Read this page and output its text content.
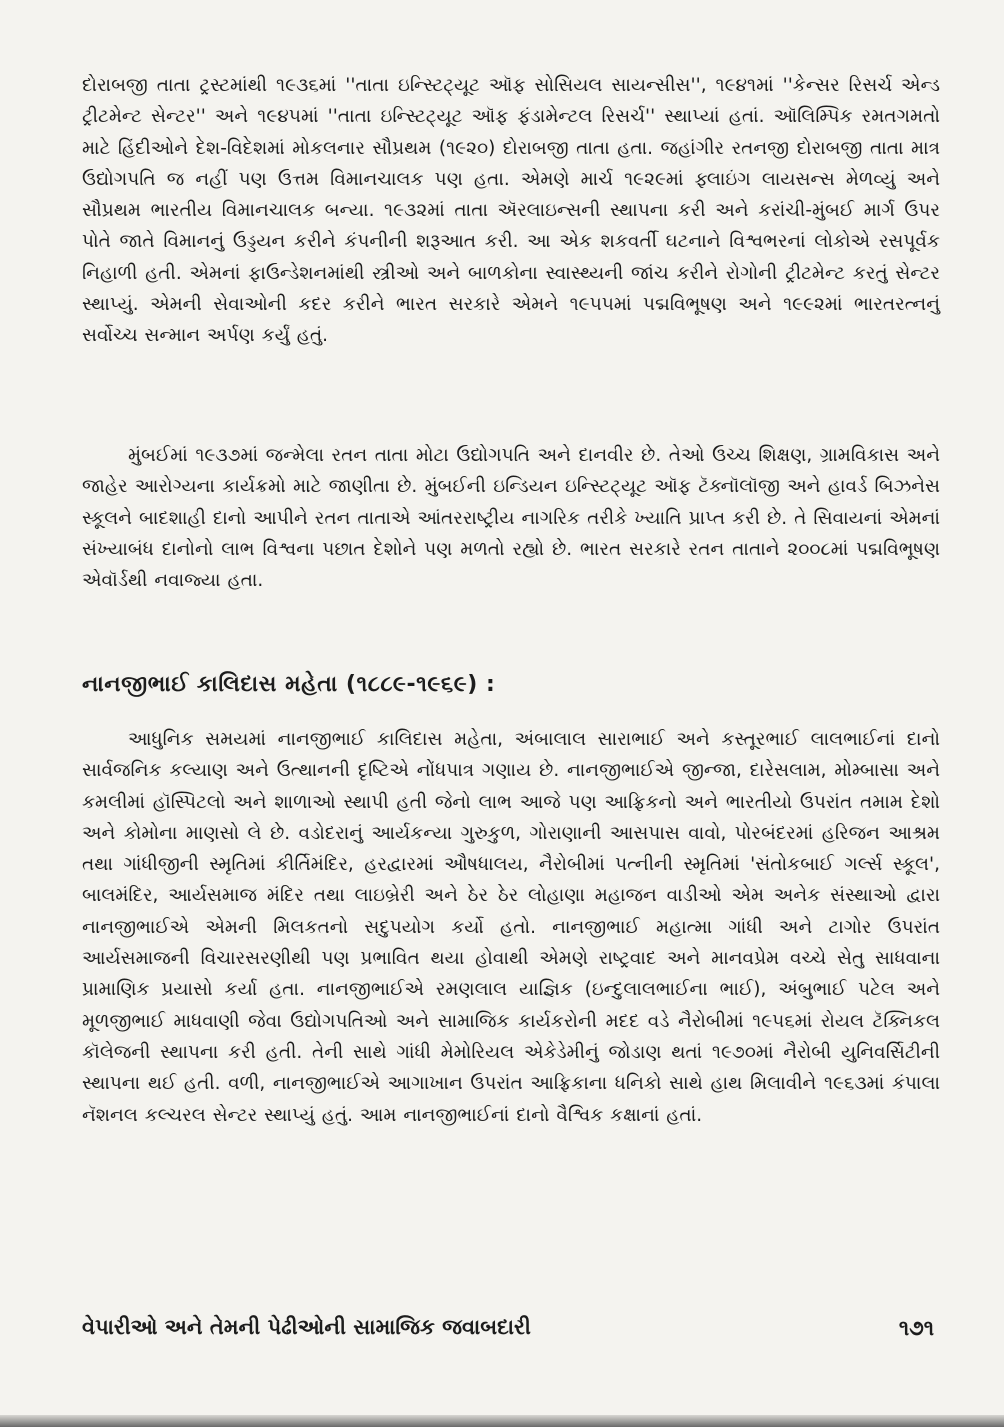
દોરાબજી તાતા ટ્રસ્ટમાંથી ૧૯૩૬માં ''તાતા ઇન્સ્ટિટ્યૂટ ઑફ સોસિયલ સાયન્સીસ'', ૧૯૪૧માં ''કેન્સર રિસર્ચ એન્ડ ટ્રીટમેન્ટ સેન્ટર'' અને ૧૯૪૫માં ''તાતા ઇન્સ્ટિટ્યૂટ ઑફ ફંડામેન્ટલ રિસર્ચ'' સ્થાપ્યાં હતાં. ઑલિમ્પિક રમતગમતો માટે હિંદીઓને દેશ-વિદેશમાં મોકલનાર સૌપ્રથમ (૧૯૨૦) દોરાબજી તાતા હતા. જહાંગીર રતનજી દોરાબજી તાતા માત્ર ઉદ્યોગપતિ જ નહીં પણ ઉત્તમ વિમાનચાલક પણ હતા. એમણે માર્ચ ૧૯૨૯માં ફ્લાઇંગ લાયસન્સ મેળવ્યું અને સૌપ્રથમ ભારતીય વિમાનચાલક બન્યા. ૧૯૩૨માં તાતા ઍરલાઇન્સની સ્થાપના કરી અને કરાંચી-મુંબઈ માર્ગ ઉપર પોતે જાતે વિમાનનું ઉડ્ડયન કરીને કંપનીની શરૂઆત કરી. આ એક શકવર્તી ઘટનાને વિશ્વભરનાં લોકોએ રસપૂર્વક નિહાળી હતી. એમનાં ફાઉન્ડેશનમાંથી સ્ત્રીઓ અને બાળકોના સ્વાસ્થ્યની જાંચ કરીને રોગોની ટ્રીટમેન્ટ કરતું સેન્ટર સ્થાપ્યું. એમની સેવાઓની કદર કરીને ભારત સરકારે એમને ૧૯૫૫માં પદ્મવિભૂષણ અને ૧૯૯૨માં ભારતરત્નનું સર્વોચ્ચ સન્માન અર્પણ કર્યું હતું.

મુંબઈમાં ૧૯૩૭માં જન્મેલા રતન તાતા મોટા ઉદ્યોગપતિ અને દાનવીર છે. તેઓ ઉચ્ચ શિક્ષણ, ગ્રામવિકાસ અને જાહેર આરોગ્યના કાર્યક્રમો માટે જાણીતા છે. મુંબઈની ઇન્ડિયન ઇન્સ્ટિટ્યૂટ ઑફ ટૅક્નૉલૉજી અને હાવર્ડ બિઝનેસ સ્કૂલને બાદશાહી દાનો આપીને રતન તાતાએ આંતરરાષ્ટ્રીય નાગરિક તરીકે ખ્યાતિ પ્રાપ્ત કરી છે. તે સિવાયનાં એમનાં સંખ્યાબંધ દાનોનો લાભ વિશ્વના પછાત દેશોને પણ મળતો રહ્યો છે. ભારત સરકારે રતન તાતાને ૨૦૦૮માં પદ્મવિભૂષણ એવૉર્ડથી નવાજ્યા હતા.

નાનજીભાઈ કાલિદાસ મહેતા (૧૮૮૯-૧૯૬૯) :

આધુનિક સમયમાં નાનજીભાઈ કાલિદાસ મહેતા, અંબાલાલ સારાભાઈ અને કસ્તૂરભાઈ લાલભાઈનાં દાનો સાર્વજનિક કલ્યાણ અને ઉત્થાનની દૃષ્ટિએ નોંધપાત્ર ગણાય છે. નાનજીભાઈએ જીન્જા, દારેસલામ, મોમ્બાસા અને કમલીમાં હૉસ્પિટલો અને શાળાઓ સ્થાપી હતી જેનો લાભ આજે પણ આફ્રિકનો અને ભારતીયો ઉપરાંત તમામ દેશો અને કોમોના માણસો લે છે. વડોદરાનું આર્યકન્યા ગુરુકુળ, ગોરાણાની આસપાસ વાવો, પોરબંદરમાં હરિજન આશ્રમ તથા ગાંધીજીની સ્મૃતિમાં કીર્તિમંદિર, હરદ્વારમાં ઔષધાલય, નૈરોબીમાં પત્નીની સ્મૃતિમાં 'સંતોકબાઈ ગર્લ્સ સ્કૂલ', બાલમંદિર, આર્યસમાજ મંદિર તથા લાઇબ્રેરી અને ઠેર ઠેર લોહાણા મહાજન વાડીઓ એમ અનેક સંસ્થાઓ દ્વારા નાનજીભાઈએ એમની મિલકતનો સદુપયોગ કર્યો હતો. નાનજીભાઈ મહાત્મા ગાંધી અને ટાગોર ઉપરાંત આર્યસમાજની વિચારસરણીથી પણ પ્રભાવિત થયા હોવાથી એમણે રાષ્ટ્રવાદ અને માનવપ્રેમ વચ્ચે સેતુ સાધવાના પ્રામાણિક પ્રયાસો કર્યા હતા. નાનજીભાઈએ રમણલાલ યાજ્ઞિક (ઇન્દુલાલભાઈના ભાઈ), અંબુભાઈ પટેલ અને મૂળજીભાઈ માધવાણી જેવા ઉદ્યોગપતિઓ અને સામાજિક કાર્યકરોની મદદ વડે નૈરોબીમાં ૧૯૫૬માં રોયલ ટૅક્નિકલ કૉલેજની સ્થાપના કરી હતી. તેની સાથે ગાંધી મેમોરિયલ એકેડેમીનું જોડાણ થતાં ૧૯૭૦માં નૈરોબી યુનિવર્સિટીની સ્થાપના થઈ હતી. વળી, નાનજીભાઈએ આગાખાન ઉપરાંત આફ્રિકાના ધનિકો સાથે હાથ મિલાવીને ૧૯૬૩માં કંપાલા નૅશનલ કલ્ચરલ સેન્ટર સ્થાપ્યું હતું. આમ નાનજીભાઈનાં દાનો વૈશ્વિક કક્ષાનાં હતાં.

વેપારીઓ અને તેમની પેઢીઓની સામાજિક જવાબદારી	૧૭૧
